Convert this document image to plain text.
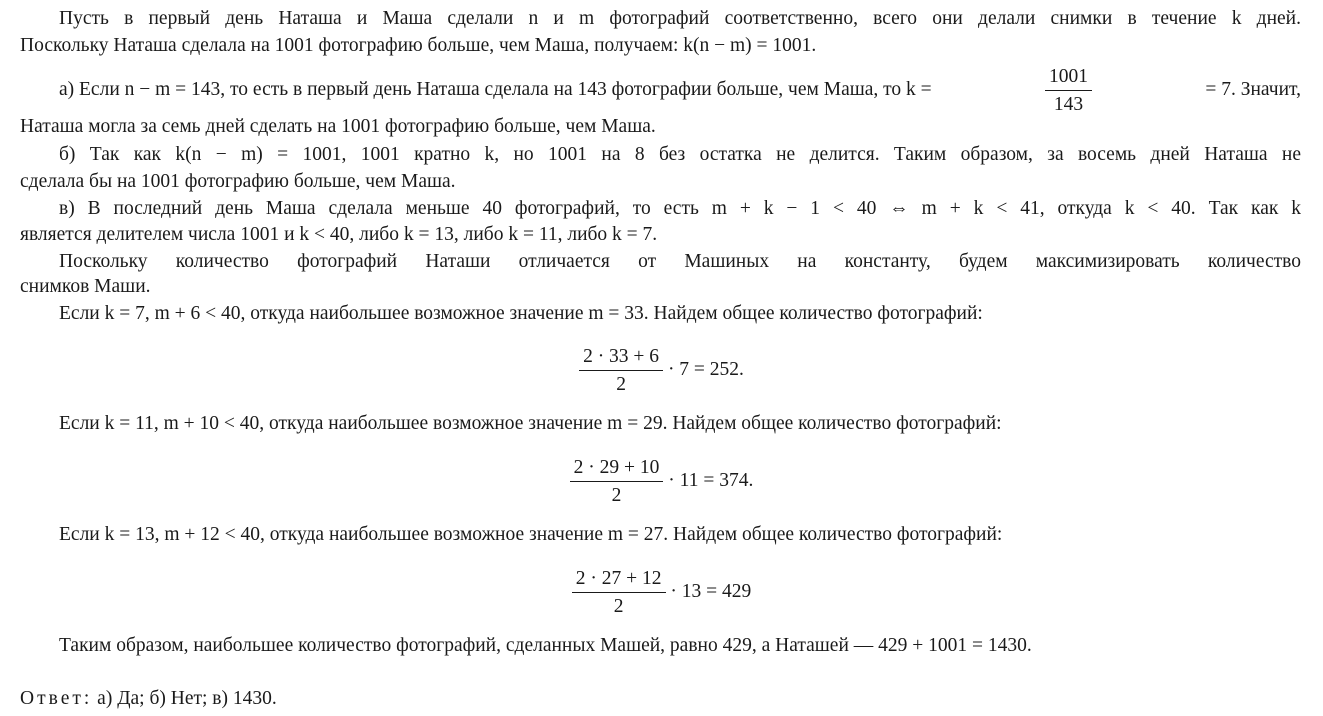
Пусть в первый день Наташа и Маша сделали n и m фотографий соответственно, всего они делали снимки в течение k дней.
Поскольку Наташа сделала на 1001 фотографию больше, чем Маша, получаем: k(n − m) = 1001.
а) Если n − m = 143, то есть в первый день Наташа сделала на 143 фотографии больше, чем Маша, то k =	$\frac{1001}{143}$	= 7. Значит,
Наташа могла за семь дней сделать на 1001 фотографию больше, чем Маша.
б) Так как k(n − m) = 1001, 1001 кратно k, но 1001 на 8 без остатка не делится. Таким образом, за восемь дней Наташа не
сделала бы на 1001 фотографию больше, чем Маша.
в) В последний день Маша сделала меньше 40 фотографий, то есть m + k − 1 < 40 ⇔ m + k < 41, откуда k < 40. Так как k
является делителем числа 1001 и k < 40, либо k = 13, либо k = 11, либо k = 7.
Поскольку количество фотографий Наташи отличается от Машиных на константу, будем максимизировать количество
снимков Маши.
Если k = 7, m + 6 < 40, откуда наибольшее возможное значение m = 33. Найдем общее количество фотографий:
$\frac{2 \cdot 33 + 6}{2} \cdot 7 = 252$.
Если k = 11, m + 10 < 40, откуда наибольшее возможное значение m = 29. Найдем общее количество фотографий:
$\frac{2 \cdot 29 + 10}{2} \cdot 11 = 374$.
Если k = 13, m + 12 < 40, откуда наибольшее возможное значение m = 27. Найдем общее количество фотографий:
$\frac{2 \cdot 27 + 12}{2} \cdot 13 = 429$
Таким образом, наибольшее количество фотографий, сделанных Машей, равно 429, а Наташей — 429 + 1001 = 1430.
Ответ: а) Да; б) Нет; в) 1430.
